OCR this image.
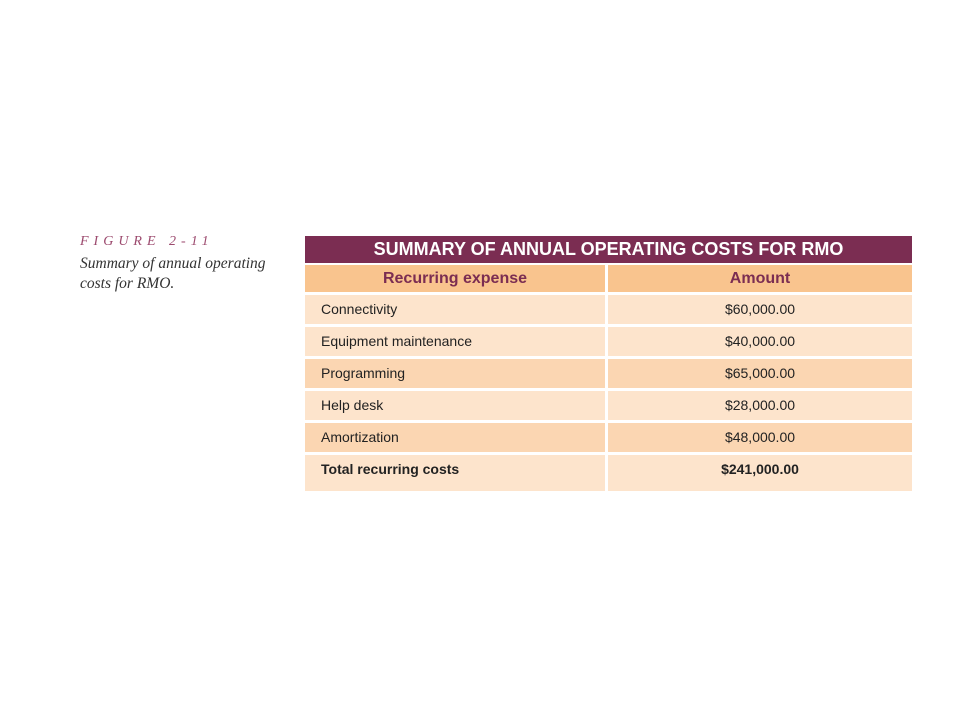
FIGURE 2-11
Summary of annual operating costs for RMO.
SUMMARY OF ANNUAL OPERATING COSTS FOR RMO
Recurring expense	Amount
Connectivity	$60,000.00
Equipment maintenance	$40,000.00
Programming	$65,000.00
Help desk	$28,000.00
Amortization	$48,000.00
Total recurring costs	$241,000.00
